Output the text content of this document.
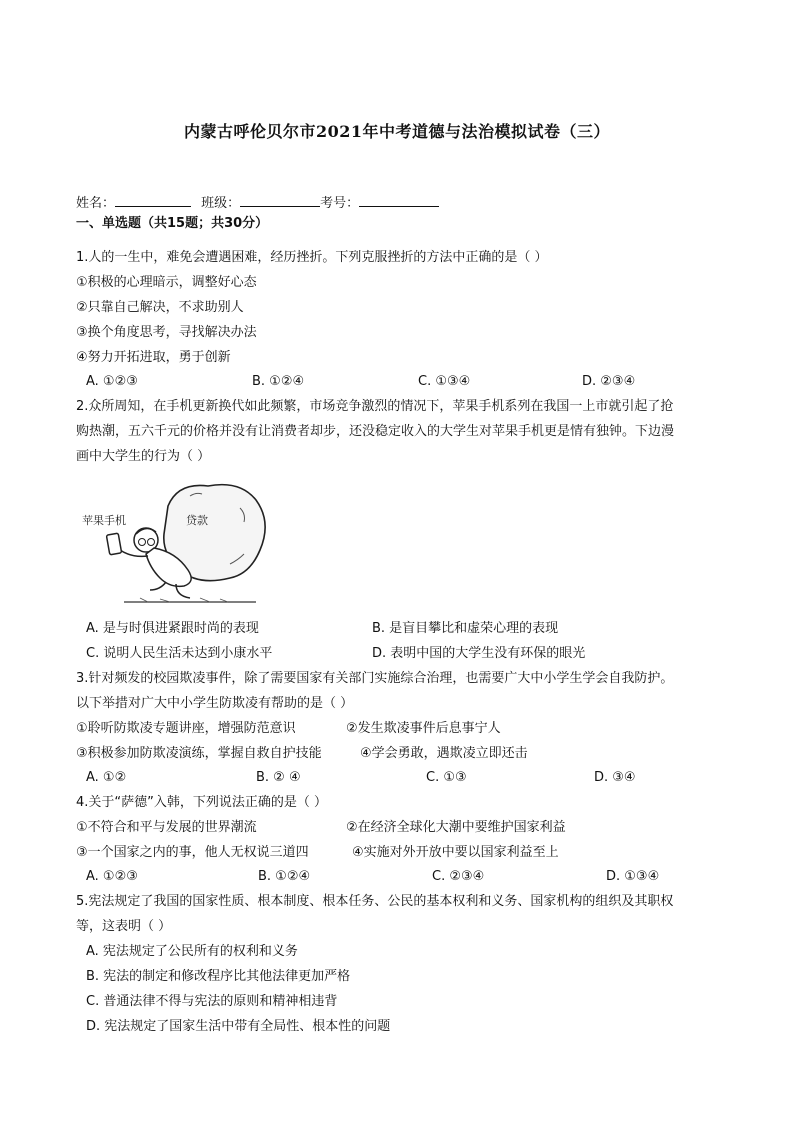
内蒙古呼伦贝尔市2021年中考道德与法治模拟试卷（三）
姓名：	班级：	考号：
一、单选题（共15题；共30分）
1.人的一生中，难免会遭遇困难，经历挫折。下列克服挫折的方法中正确的是（ ）
①积极的心理暗示，调整好心态
②只靠自己解决，不求助别人
③换个角度思考，寻找解决办法
④努力开拓进取，勇于创新
A. ①②③	B. ①②④	C. ①③④	D. ②③④
2.众所周知，在手机更新换代如此频繁，市场竞争激烈的情况下，苹果手机系列在我国一上市就引起了抢
购热潮，五六千元的价格并没有让消费者却步，还没稳定收入的大学生对苹果手机更是情有独钟。下边漫
画中大学生的行为（ ）
贷款
苹果手机
A. 是与时俱进紧跟时尚的表现	B. 是盲目攀比和虚荣心理的表现
C. 说明人民生活未达到小康水平	D. 表明中国的大学生没有环保的眼光
3.针对频发的校园欺凌事件，除了需要国家有关部门实施综合治理，也需要广大中小学生学会自我防护。
以下举措对广大中小学生防欺凌有帮助的是（ ）
①聆听防欺凌专题讲座，增强防范意识	②发生欺凌事件后息事宁人
③积极参加防欺凌演练，掌握自救自护技能	④学会勇敢，遇欺凌立即还击
A. ①②	B. ② ④	C. ①③	D. ③④
4.关于“萨德”入韩，下列说法正确的是（ ）
①不符合和平与发展的世界潮流	②在经济全球化大潮中要维护国家利益
③一个国家之内的事，他人无权说三道四	④实施对外开放中要以国家利益至上
A. ①②③	B. ①②④	C. ②③④	D. ①③④
5.宪法规定了我国的国家性质、根本制度、根本任务、公民的基本权利和义务、国家机构的组织及其职权
等，这表明（ ）
A. 宪法规定了公民所有的权利和义务
B. 宪法的制定和修改程序比其他法律更加严格
C. 普通法律不得与宪法的原则和精神相违背
D. 宪法规定了国家生活中带有全局性、根本性的问题
